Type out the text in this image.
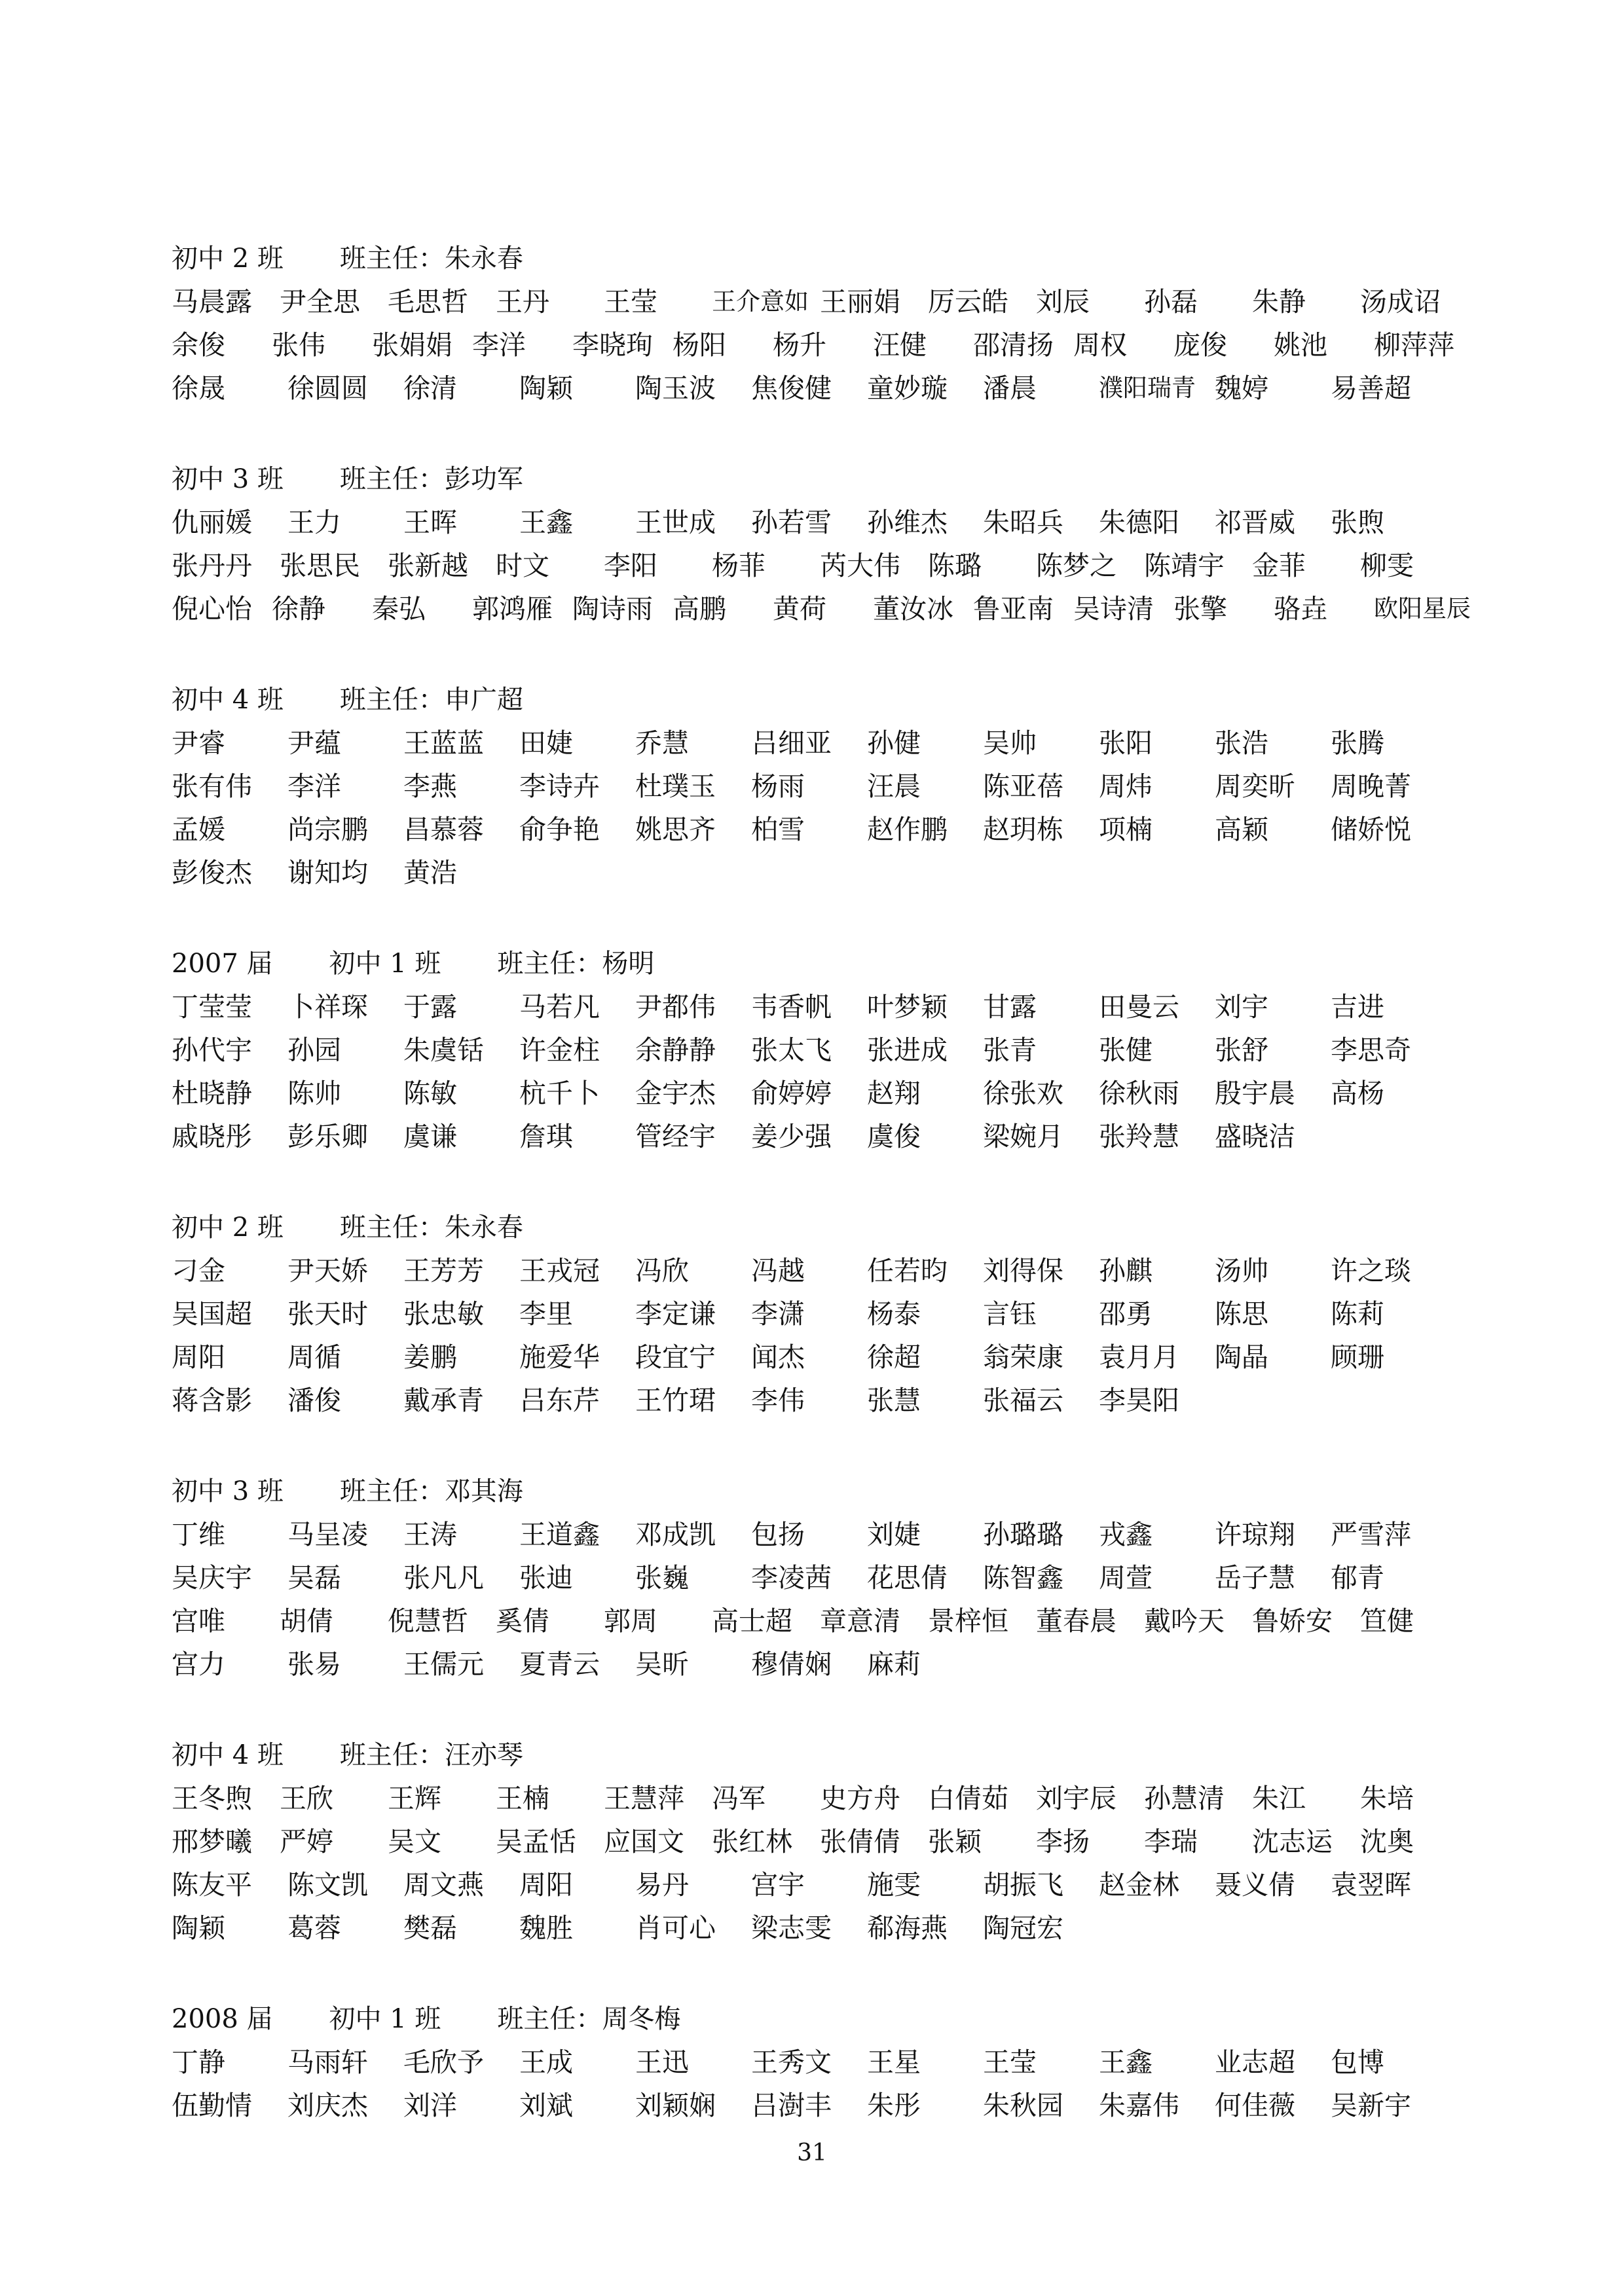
初中 2 班 班主任：朱永春
马晨露	尹全思	毛思哲	王丹	王莹	王介意如 王丽娟	厉云皓	刘辰	孙磊	朱静	汤成诏
余俊	张伟	张娟娟 李洋	李晓珣 杨阳	杨升	汪健	邵清扬 周权	庞俊	姚池	柳萍萍
徐晟	徐圆圆	徐清	陶颖	陶玉波	焦俊健	童妙璇	潘晨	濮阳瑞青 魏婷	易善超
初中 3 班 班主任：彭功军
仇丽媛	王力	王晖	王鑫	王世成	孙若雪	孙维杰	朱昭兵	朱德阳	祁晋威	张煦
张丹丹	张思民	张新越	时文	李阳	杨菲	芮大伟	陈璐	陈梦之	陈靖宇	金菲	柳雯
倪心怡 徐静	秦弘	郭鸿雁 陶诗雨 高鹏	黄荷	董汝冰 鲁亚南 吴诗清 张擎	骆垚	欧阳星辰
初中 4 班 班主任：申广超
尹睿	尹蕴	王蓝蓝	田婕	乔慧	吕细亚	孙健	吴帅	张阳	张浩	张腾
张有伟	李洋	李燕	李诗卉	杜璞玉	杨雨	汪晨	陈亚蓓	周炜	周奕昕	周晚菁
孟媛	尚宗鹏	昌慕蓉	俞争艳	姚思齐	柏雪	赵作鹏	赵玥栋	项楠	高颖	储娇悦
彭俊杰	谢知均	黄浩
2007 届 初中 1 班 班主任：杨明
丁莹莹	卜祥琛	于露	马若凡	尹都伟	韦香帆	叶梦颖	甘露	田曼云	刘宇	吉进
孙代宇	孙园	朱虞铦	许金柱	余静静	张太飞	张进成	张青	张健	张舒	李思奇
杜晓静	陈帅	陈敏	杭千卜	金宇杰	俞婷婷	赵翔	徐张欢	徐秋雨	殷宇晨	高杨
戚晓彤	彭乐卿	虞谦	詹琪	管经宇	姜少强	虞俊	梁婉月	张羚慧	盛晓洁
初中 2 班 班主任：朱永春
刁金	尹天娇	王芳芳	王戎冠	冯欣	冯越	任若昀	刘得保	孙麒	汤帅	许之琰
吴国超	张天时	张忠敏	李里	李定谦	李潇	杨泰	言钰	邵勇	陈思	陈莉
周阳	周循	姜鹏	施爱华	段宜宁	闻杰	徐超	翁荣康	袁月月	陶晶	顾珊
蒋含影	潘俊	戴承青	吕东芹	王竹珺	李伟	张慧	张福云	李昊阳
初中 3 班 班主任：邓其海
丁维	马呈凌	王涛	王道鑫	邓成凯	包扬	刘婕	孙璐璐	戎鑫	许琼翔	严雪萍
吴庆宇	吴磊	张凡凡	张迪	张巍	李凌茜	花思倩	陈智鑫	周萱	岳子慧	郁青
宫唯	胡倩	倪慧哲	奚倩	郭周	高士超	章意清	景梓恒	董春晨	戴吟天	鲁娇安	笪健
宫力	张易	王儒元	夏青云	吴昕	穆倩娴	麻莉
初中 4 班 班主任：汪亦琴
王冬煦	王欣	王辉	王楠	王慧萍	冯军	史方舟	白倩茹	刘宇辰	孙慧清	朱江	朱培
邢梦曦	严婷	吴文	吴孟恬	应国文	张红林	张倩倩	张颖	李扬	李瑞	沈志运	沈奥
陈友平	陈文凯	周文燕	周阳	易丹	宫宇	施雯	胡振飞	赵金林	聂义倩	袁翌晖
陶颖	葛蓉	樊磊	魏胜	肖可心	梁志雯	郗海燕	陶冠宏
2008 届 初中 1 班 班主任：周冬梅
丁静	马雨轩	毛欣予	王成	王迅	王秀文	王星	王莹	王鑫	业志超	包博
伍勤情	刘庆杰	刘洋	刘斌	刘颖娴	吕澍丰	朱彤	朱秋园	朱嘉伟	何佳薇	吴新宇
31
